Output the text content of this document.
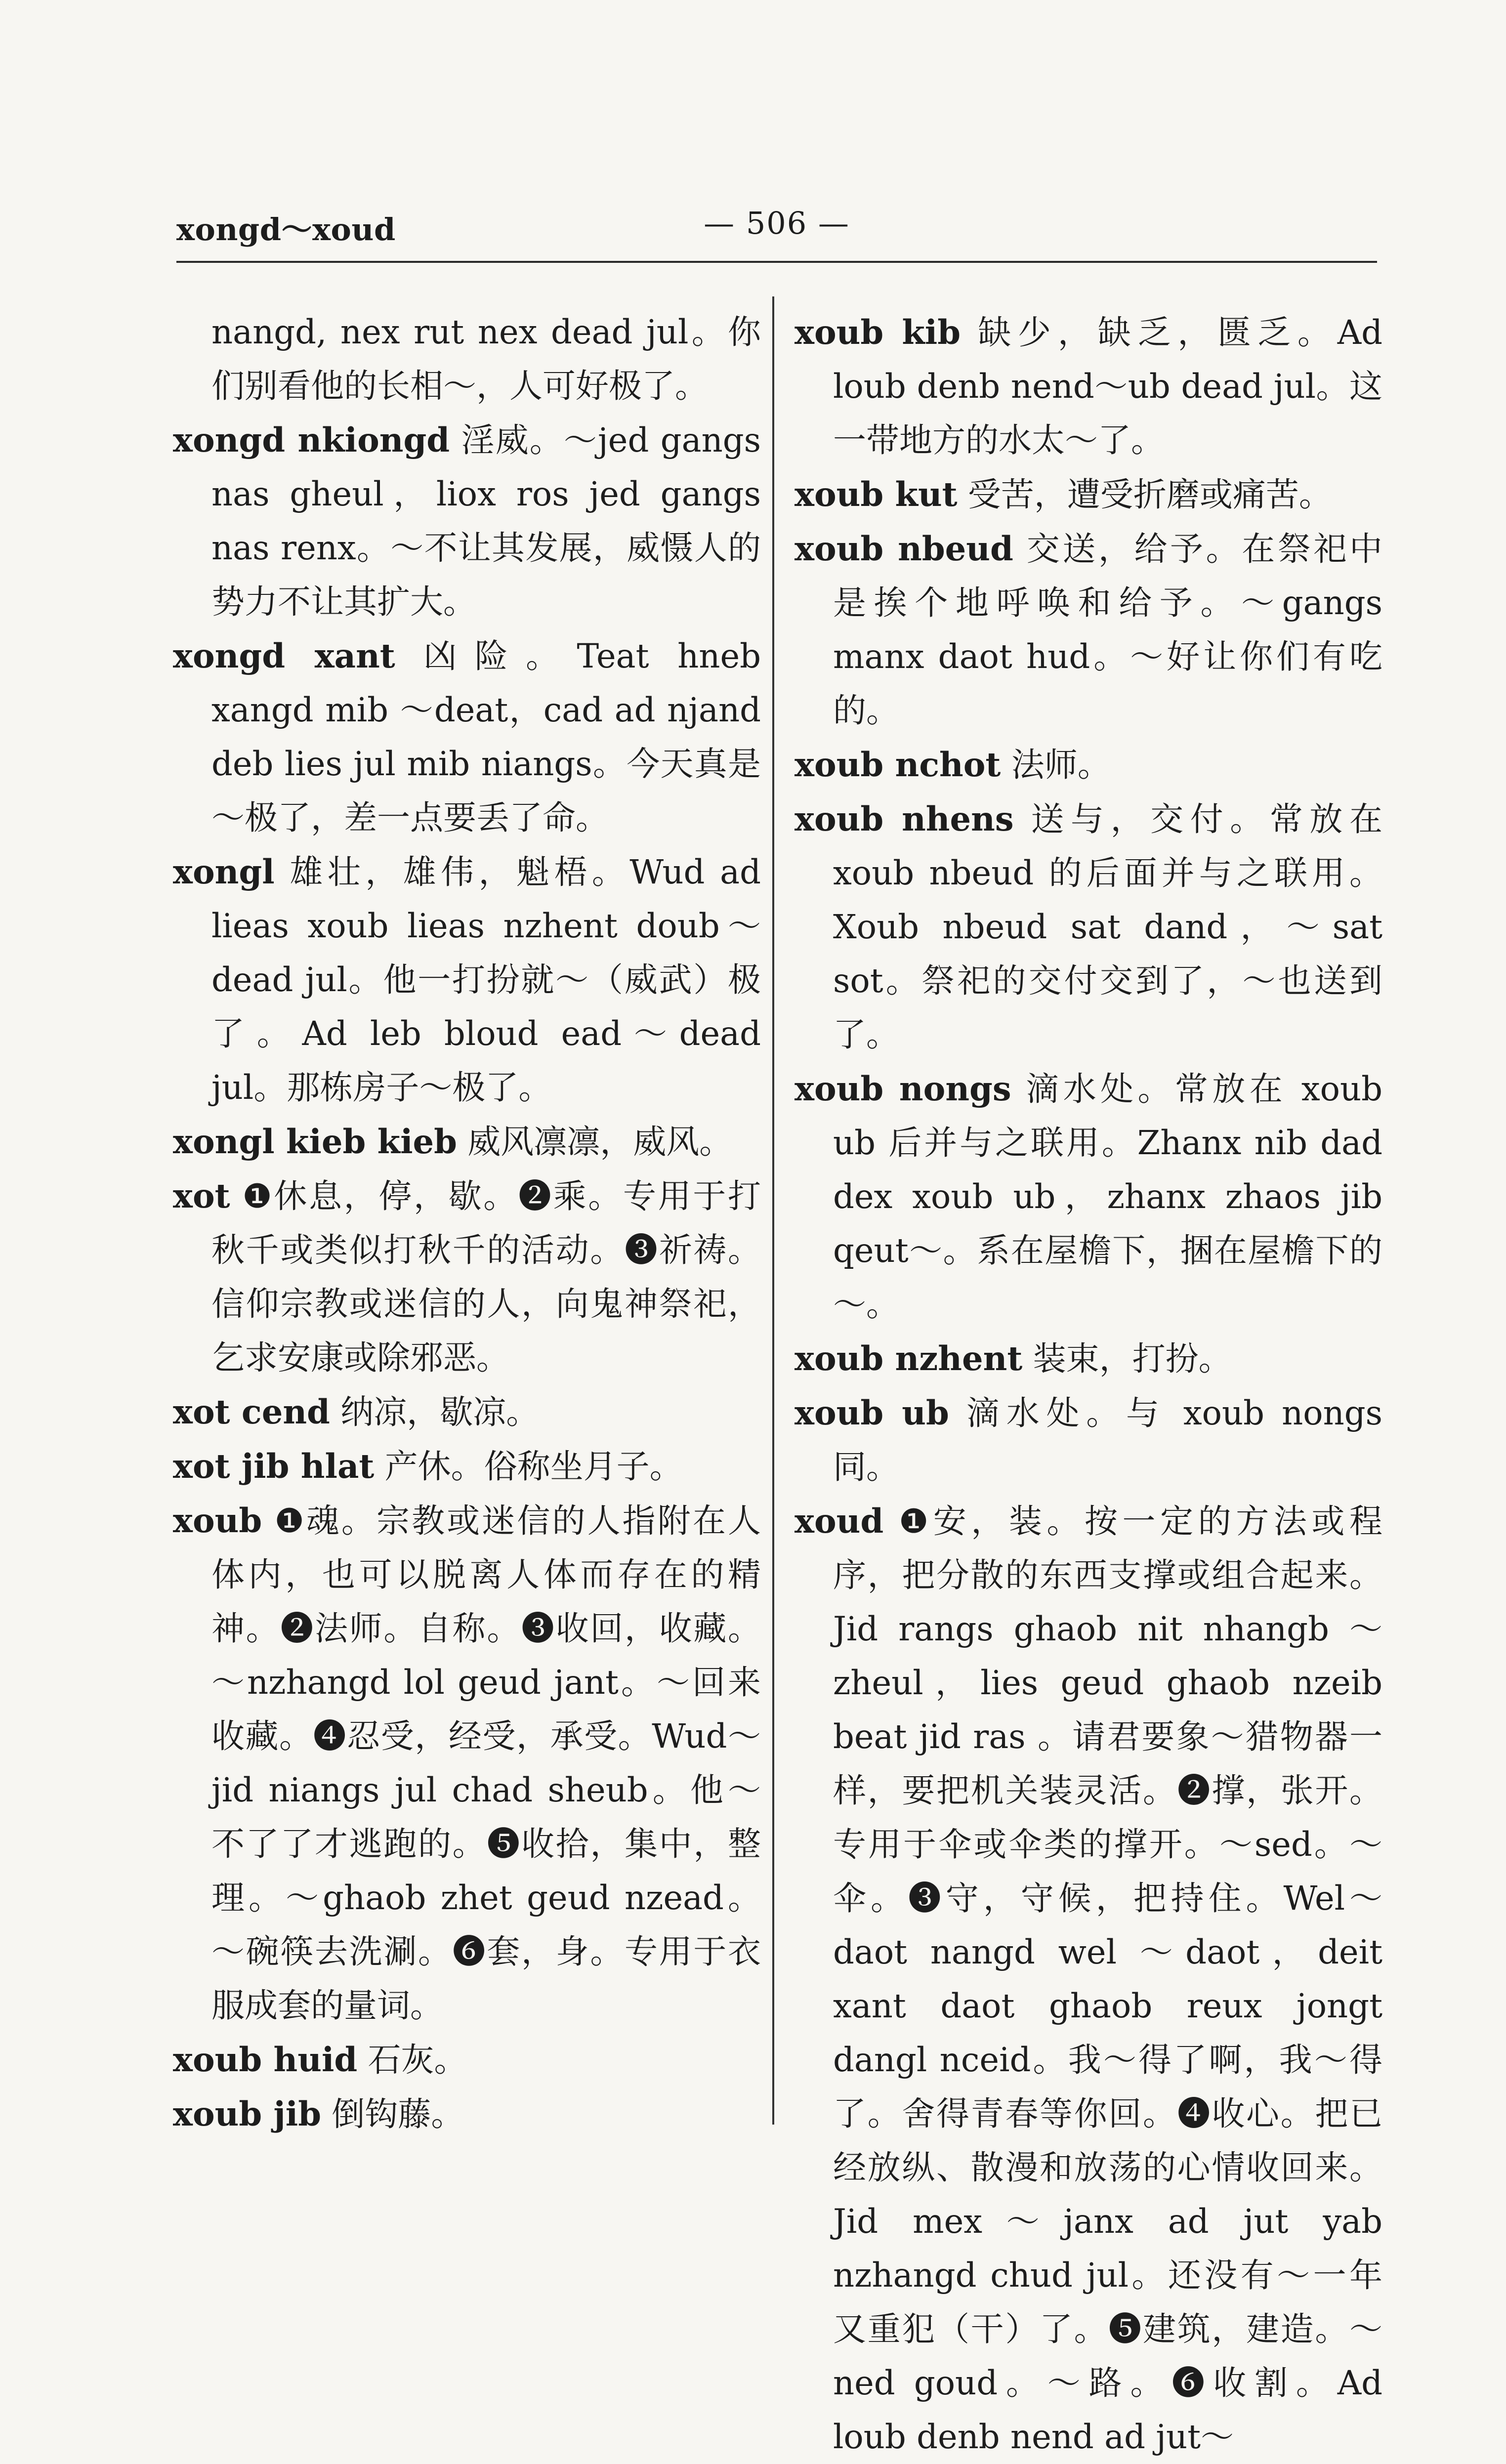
xongd～xoud	— 506 —

nangd, nex rut nex dead jul。你们别看他的长相～，人可好极了。

xongd nkiongd 淫威。～jed gangs nas gheul，liox ros jed gangs nas renx。～不让其发展，威慑人的势力不让其扩大。

xongd xant 凶险。Teat hneb xangd mib ～deat，cad ad njand deb lies jul mib niangs。今天真是～极了，差一点要丢了命。

xongl 雄壮，雄伟，魁梧。Wud ad lieas xoub lieas nzhent doub～dead jul。他一打扮就～（威武）极了。Ad leb bloud ead～dead jul。那栋房子～极了。

xongl kieb kieb 威风凛凛，威风。

xot ❶休息，停，歇。❷乘。专用于打秋千或类似打秋千的活动。❸祈祷。信仰宗教或迷信的人，向鬼神祭祀，乞求安康或除邪恶。

xot cend 纳凉，歇凉。

xot jib hlat 产休。俗称坐月子。

xoub ❶魂。宗教或迷信的人指附在人体内，也可以脱离人体而存在的精神。❷法师。自称。❸收回，收藏。～nzhangd lol geud jant。～回来收藏。❹忍受，经受，承受。Wud～jid niangs jul chad sheub。他～不了了才逃跑的。❺收拾，集中，整理。～ghaob zhet geud nzead。～碗筷去洗涮。❻套，身。专用于衣服成套的量词。

xoub huid 石灰。

xoub jib 倒钩藤。

xoub kib 缺少，缺乏，匮乏。Ad loub denb nend～ub dead jul。这一带地方的水太～了。

xoub kut 受苦，遭受折磨或痛苦。

xoub nbeud 交送，给予。在祭祀中是挨个地呼唤和给予。～gangs manx daot hud。～好让你们有吃的。

xoub nchot 法师。

xoub nhens 送与，交付。常放在 xoub nbeud 的后面并与之联用。Xoub nbeud sat dand，～sat sot。祭祀的交付交到了，～也送到了。

xoub nongs 滴水处。常放在 xoub ub 后并与之联用。Zhanx nib dad dex xoub ub，zhanx zhaos jib qeut～。系在屋檐下，捆在屋檐下的～。

xoub nzhent 装束，打扮。

xoub ub 滴水处。与 xoub nongs 同。

xoud ❶安，装。按一定的方法或程序，把分散的东西支撑或组合起来。Jid rangs ghaob nit nhangb ～zheul，lies geud ghaob nzeib beat jid ras 。请君要象～猎物器一样，要把机关装灵活。❷撑，张开。专用于伞或伞类的撑开。～sed。～伞。❸守，守候，把持住。Wel～daot nangd wel ～daot，deit xant daot ghaob reux jongt dangl nceid。我～得了啊，我～得了。舍得青春等你回。❹收心。把已经放纵、散漫和放荡的心情收回来。Jid mex～janx ad jut yab nzhangd chud jul。还没有～一年又重犯（干）了。❺建筑，建造。～ned goud。～路。❻收割。Ad loub denb nend ad jut～
